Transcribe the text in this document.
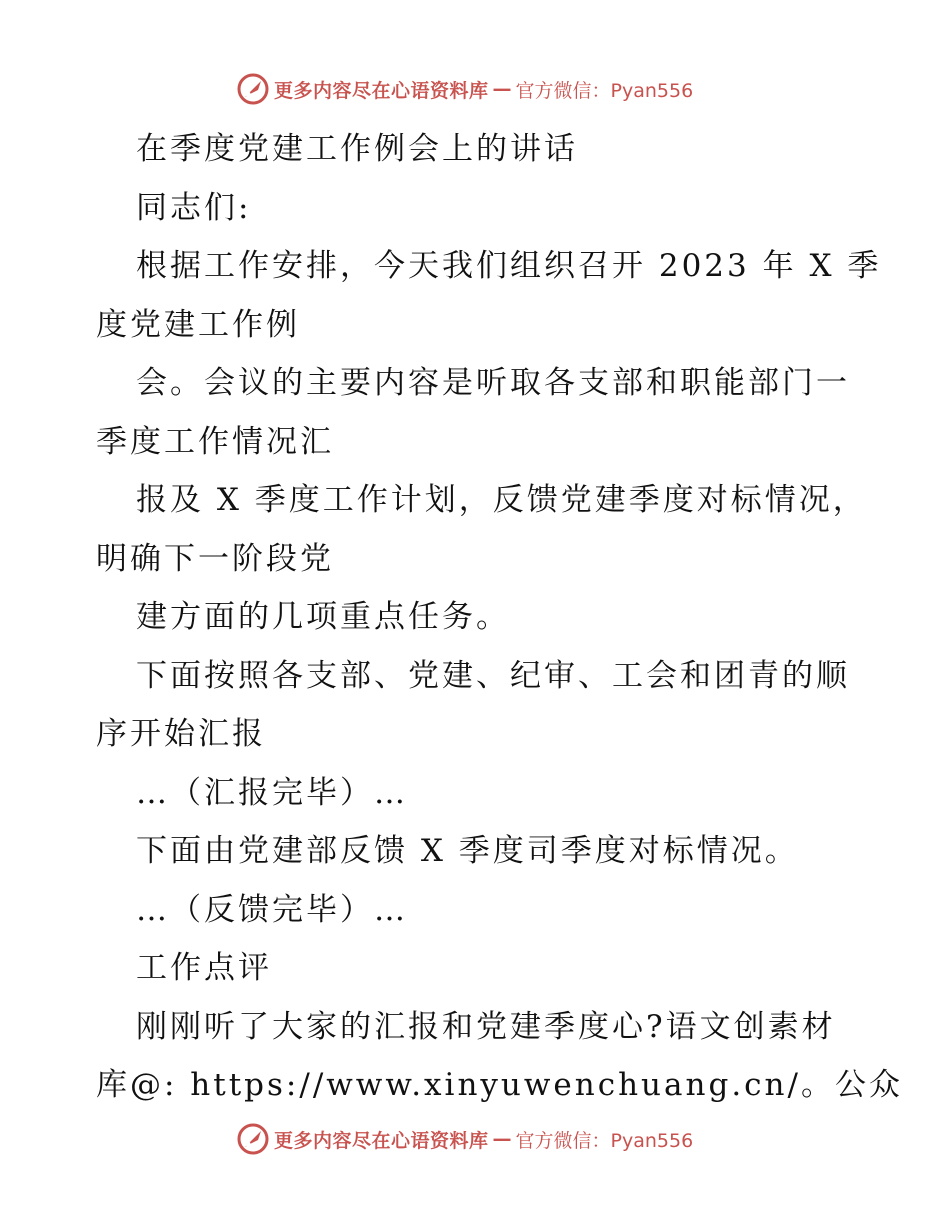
更多内容尽在心语资料库 — 官方微信：Pyan556
在季度党建工作例会上的讲话
同志们:
根据工作安排，今天我们组织召开 2023 年 X 季
度党建工作例
会。会议的主要内容是听取各支部和职能部门一
季度工作情况汇
报及 X 季度工作计划，反馈党建季度对标情况，
明确下一阶段党
建方面的几项重点任务。
下面按照各支部、党建、纪审、工会和团青的顺
序开始汇报
…（汇报完毕）…
下面由党建部反馈 X 季度司季度对标情况。
…（反馈完毕）…
工作点评
刚刚听了大家的汇报和党建季度心?语文创素材
库@: https://www.xinyuwenchuang.cn/。公众
更多内容尽在心语资料库 — 官方微信：Pyan556
